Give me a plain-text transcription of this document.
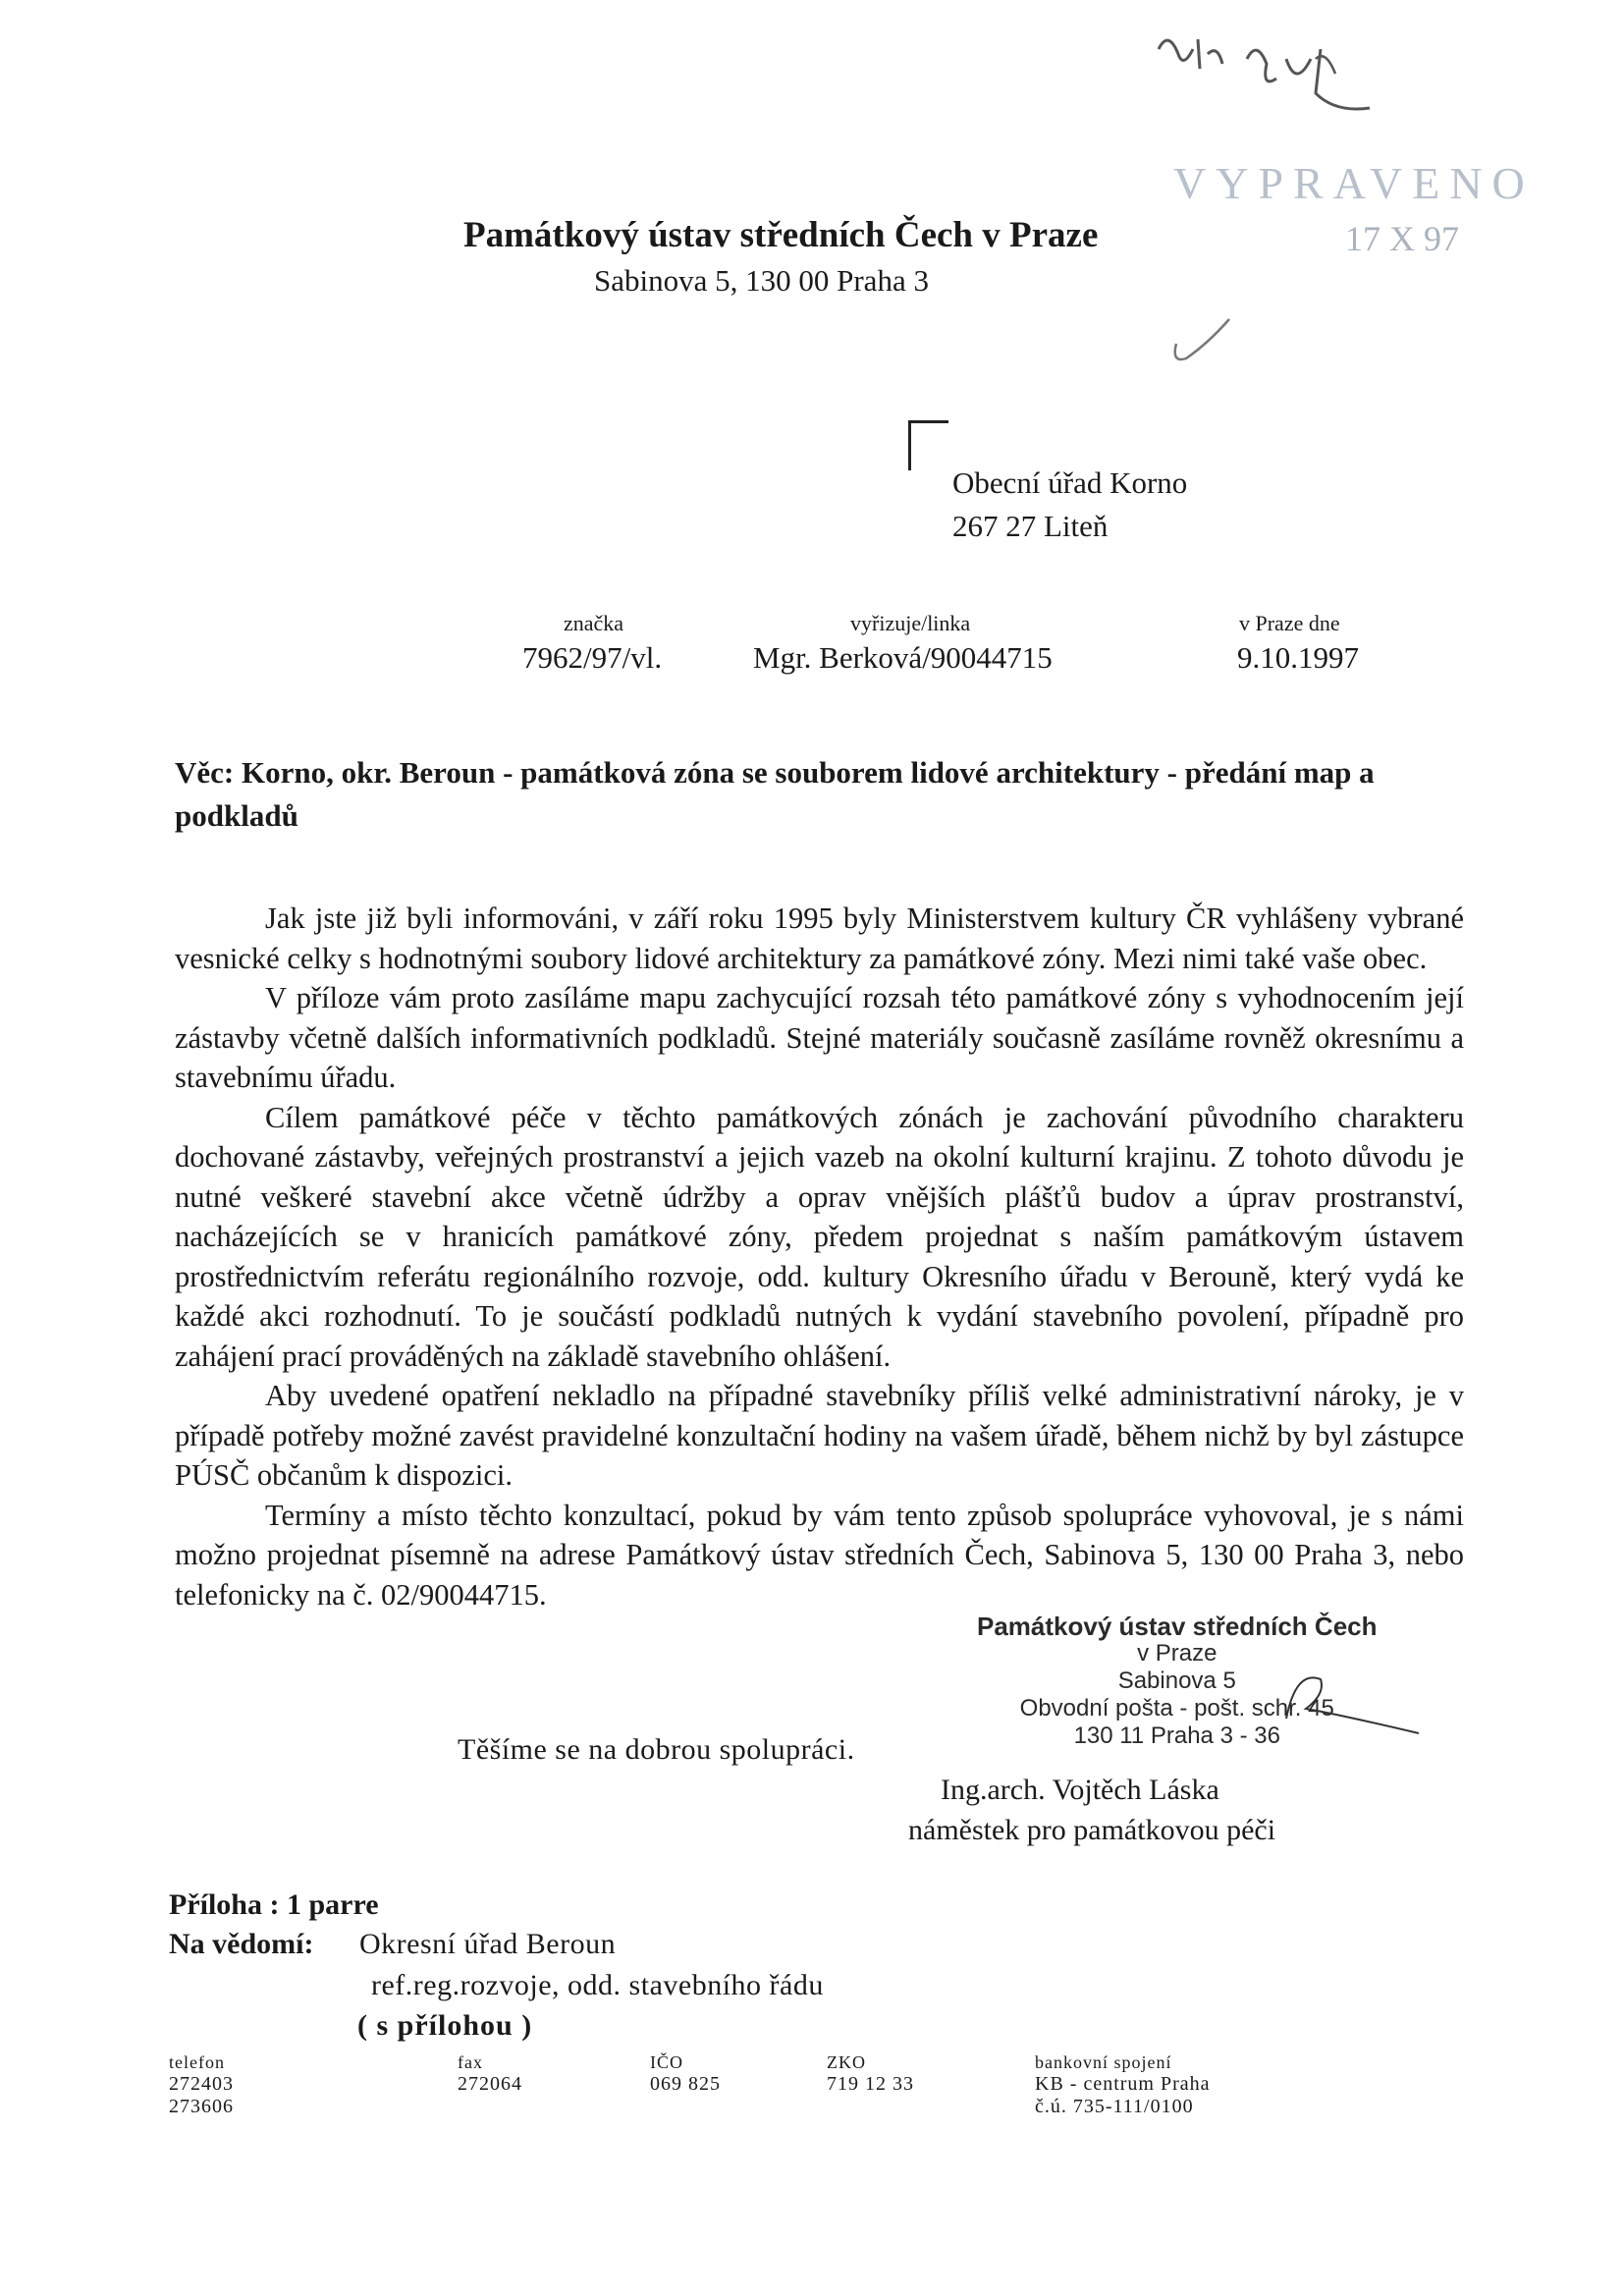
VYPRAVENO
17 X 97
Památkový ústav středních Čech v Praze
Sabinova 5, 130 00 Praha 3
Obecní úřad Korno
267 27 Liteň
značka
7962/97/vl.
vyřizuje/linka
Mgr. Berková/90044715
v Praze dne
9.10.1997
Věc: Korno, okr. Beroun - památková zóna se souborem lidové architektury - předání map a podkladů

Jak jste již byli informováni, v září roku 1995 byly Ministerstvem kultury ČR vyhlášeny vybrané vesnické celky s hodnotnými soubory lidové architektury za památkové zóny. Mezi nimi také vaše obec.

V příloze vám proto zasíláme mapu zachycující rozsah této památkové zóny s vyhodnocením její zástavby včetně dalších informativních podkladů. Stejné materiály současně zasíláme rovněž okresnímu a stavebnímu úřadu.

Cílem památkové péče v těchto památkových zónách je zachování původního charakteru dochované zástavby, veřejných prostranství a jejich vazeb na okolní kulturní krajinu. Z tohoto důvodu je nutné veškeré stavební akce včetně údržby a oprav vnějších plášťů budov a úprav prostranství, nacházejících se v hranicích památkové zóny, předem projednat s naším památkovým ústavem prostřednictvím referátu regionálního rozvoje, odd. kultury Okresního úřadu v Berouně, který vydá ke každé akci rozhodnutí. To je součástí podkladů nutných k vydání stavebního povolení, případně pro zahájení prací prováděných na základě stavebního ohlášení.

Aby uvedené opatření nekladlo na případné stavebníky příliš velké administrativní nároky, je v případě potřeby možné zavést pravidelné konzultační hodiny na vašem úřadě, během nichž by byl zástupce PÚSČ občanům k dispozici.

Termíny a místo těchto konzultací, pokud by vám tento způsob spolupráce vyhovoval, je s námi možno projednat písemně na adrese Památkový ústav středních Čech, Sabinova 5, 130 00 Praha 3, nebo telefonicky na č. 02/90044715.

Památkový ústav středních Čech
v Praze
Sabinova 5
Obvodní pošta - pošt. schr. 45
130 11 Praha 3 - 36
Těšíme se na dobrou spolupráci.
Ing.arch. Vojtěch Láska
náměstek pro památkovou péči
Příloha : 1 parre
Na vědomí: Okresní úřad Beroun
ref.reg.rozvoje, odd. stavebního řádu
( s přílohou )
telefon
272403
273606
fax
272064
IČO
069 825
ZKO
719 12 33
bankovní spojení
KB - centrum Praha
č.ú. 735-111/0100
